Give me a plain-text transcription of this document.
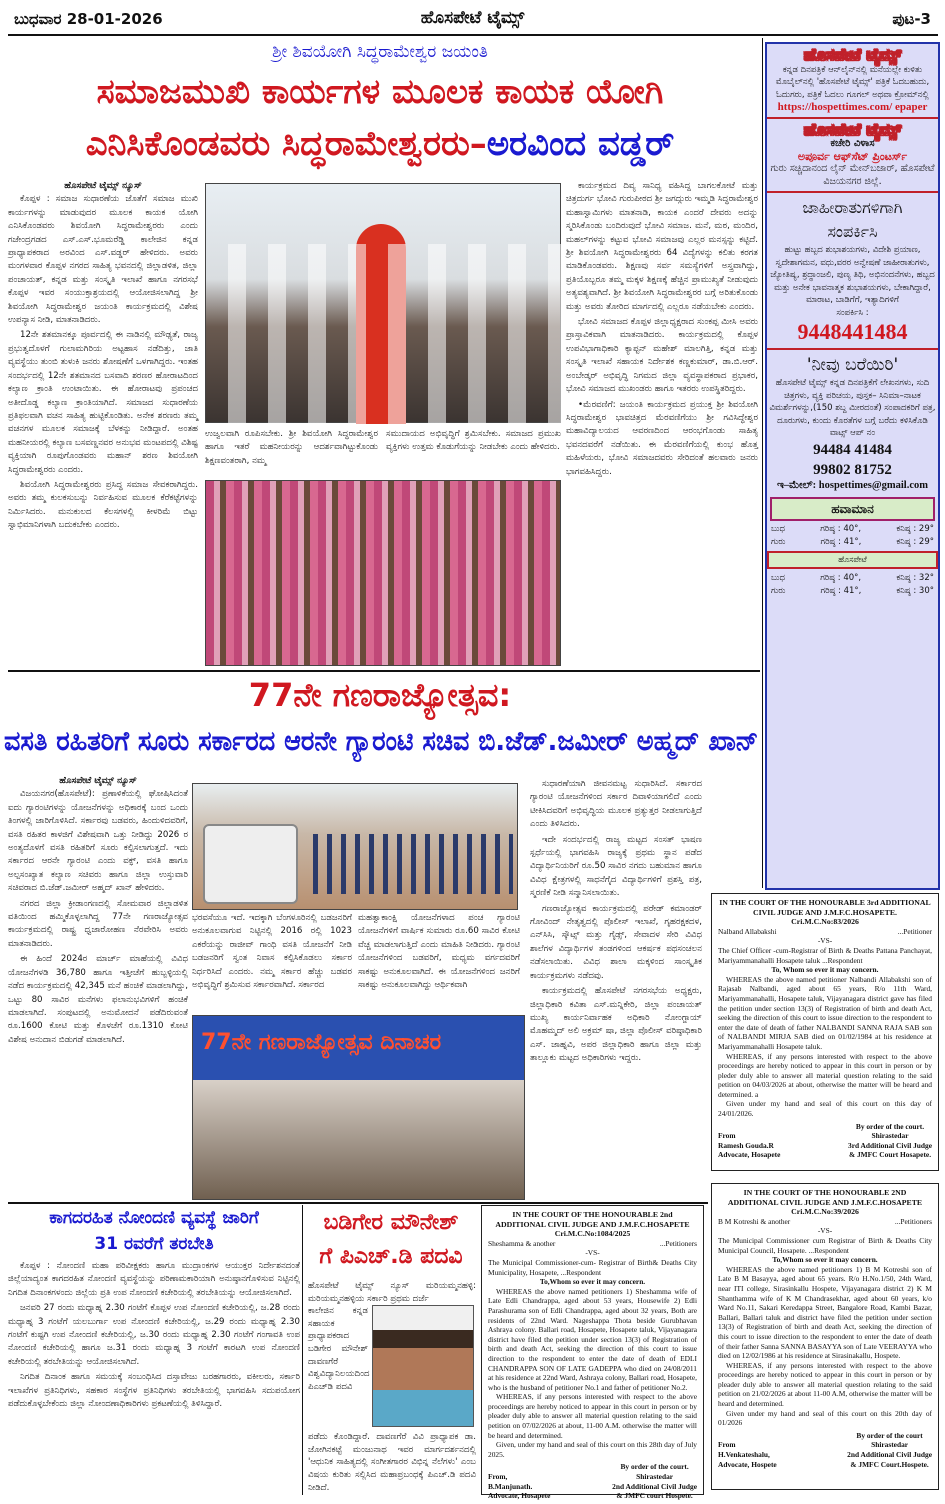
ಬುಧವಾರ 28-01-2026	ಹೊಸಪೇಟೆ ಟೈಮ್ಸ್	ಪುಟ-3
ಶ್ರೀ ಶಿವಯೋಗಿ ಸಿದ್ಧರಾಮೇಶ್ವರ ಜಯಂತಿ
ಸಮಾಜಮುಖಿ ಕಾರ್ಯಗಳ ಮೂಲಕ ಕಾಯಕ ಯೋಗಿ
ಎನಿಸಿಕೊಂಡವರು ಸಿದ್ಧರಾಮೇಶ್ವರರು–ಅರವಿಂದ ವಡ್ಡರ್
ಹೊಸಪೇಟೆ ಟೈಮ್ಸ್ ನ್ಯೂಸ್

ಕೊಪ್ಪಳ : ಸಮಾಜ ಸುಧಾರಣೆಯ ಜೊತೆಗೆ ಸಮಾಜ ಮುಖಿ ಕಾರ್ಯಗಳನ್ನು ಮಾಡುವುದರ ಮೂಲಕ ಕಾಯಕ ಯೋಗಿ ಎನಿಸಿಕೊಂಡವರು ಶಿವಯೋಗಿ ಸಿದ್ಧರಾಮೇಶ್ವರರು ಎಂದು ಗಜೇಂದ್ರಗಡದ ಎಸ್.ಎಸ್.ಭೂಮರೆಡ್ಡಿ ಕಾಲೇಜಿನ ಕನ್ನಡ ಪ್ರಾಧ್ಯಾಪಕರಾದ ಅರವಿಂದ ಎಸ್.ವಡ್ಡರ್ ಹೇಳಿದರು. ಅವರು ಮಂಗಳವಾರ ಕೊಪ್ಪಳ ನಗರದ ಸಾಹಿತ್ಯ ಭವನದಲ್ಲಿ ಜಿಲ್ಲಾಡಳಿತ, ಜಿಲ್ಲಾ ಪಂಚಾಯತ್, ಕನ್ನಡ ಮತ್ತು ಸಂಸ್ಕೃತಿ ಇಲಾಖೆ ಹಾಗೂ ನಗರಸಭೆ ಕೊಪ್ಪಳ ಇವರ ಸಂಯುಕ್ತಾಶ್ರಯದಲ್ಲಿ ಆಯೋಜಿಸಲಾಗಿದ್ದ ಶ್ರೀ ಶಿವಯೋಗಿ ಸಿದ್ಧರಾಮೇಶ್ವರ ಜಯಂತಿ ಕಾರ್ಯಕ್ರಮದಲ್ಲಿ ವಿಶೇಷ ಉಪನ್ಯಾಸ ನೀಡಿ, ಮಾತನಾಡಿದರು.

12ನೇ ಶತಮಾನಕ್ಕೂ ಪೂರ್ವದಲ್ಲಿ ಈ ನಾಡಿನಲ್ಲಿ ಮೌಢ್ಯತೆ, ರಾಜ್ಯ ಪ್ರಭುತ್ವದೊಳಗೆ ಗುಲಾಮಗಿರಿಯ ಅಟ್ಟಹಾಸ ನಡೆದಿತ್ತು, ಜಾತಿ ವ್ಯವಸ್ಥೆಯು ತುಂಬಿ ತುಳುಕಿ ಜನರು ಶೋಷಣೆಗೆ ಒಳಗಾಗಿದ್ದರು. ಇಂತಹ ಸಂದರ್ಭದಲ್ಲಿ 12ನೇ ಶತಮಾನದ ಬಸವಾದಿ ಶರಣರ ಹೋರಾಟದಿಂದ ಕಲ್ಯಾಣ ಕ್ರಾಂತಿ ಉಂಟಾಯಿತು. ಈ ಹೋರಾಟವು ಪ್ರಪಂಚದ ಅತೀದೊಡ್ಡ ಕಲ್ಯಾಣ ಕ್ರಾಂತಿಯಾಗಿದೆ. ಸಮಾಜದ ಸುಧಾರಣೆಯ ಪ್ರತಿಫಲವಾಗಿ ವಚನ ಸಾಹಿತ್ಯ ಹುಟ್ಟಿಕೊಂಡಿತು. ಅನೇಕ ಶರಣರು ತಮ್ಮ ವಚನಗಳ ಮೂಲಕ ಸಮಾಜಕ್ಕೆ ಬೆಳಕನ್ನು ನೀಡಿದ್ದಾರೆ. ಅಂತಹ ಮಹನೀಯರಲ್ಲಿ ಕಲ್ಯಾಣ ಬಸವಣ್ಣನವರ ಅನುಭವ ಮಂಟಪದಲ್ಲಿ ವಿಶಿಷ್ಟ ವ್ಯಕ್ತಿಯಾಗಿ ರೂಪುಗೊಂಡವರು ಮಹಾನ್ ಶರಣ ಶಿವಯೋಗಿ ಸಿದ್ಧರಾಮೇಶ್ವರರು ಎಂದರು.

ಶಿವಯೋಗಿ ಸಿದ್ಧರಾಮೇಶ್ವರರು ಪ್ರಸಿದ್ಧ ಸಮಾಜ ಸೇವಕರಾಗಿದ್ದರು. ಅವರು ತಮ್ಮ ಕುಲಕಸುಬನ್ನು ನಿರ್ವಹಿಸುವ ಮೂಲಕ ಕೆರೆಕಟ್ಟೆಗಳನ್ನು ನಿರ್ಮಿಸಿದರು. ಮನುಕುಲದ ಕೆಲಸಗಳಲ್ಲಿ ಕೀಳರಿಮೆ ಬಿಟ್ಟು ಸ್ವಾಭಿಮಾನಿಗಳಾಗಿ ಬದುಕಬೇಕು ಎಂದರು.

ಉಜ್ವಲವಾಗಿ ರೂಪಿಸಬೇಕು. ಶ್ರೀ ಶಿವಯೋಗಿ ಸಿದ್ಧರಾಮೇಶ್ವರ ಹಾಗೂ ಇತರೆ ಮಹನೀಯರನ್ನು ಆದರ್ಶವಾಗಿಟ್ಟುಕೊಂಡು ಶಿಕ್ಷಣವಂತರಾಗಿ, ನಮ್ಮ
ಸಮುದಾಯದ ಅಭಿವೃದ್ಧಿಗೆ ಶ್ರಮಿಸಬೇಕು. ಸಮಾಜದ ಪ್ರಮುಖ ವ್ಯಕ್ತಿಗಳು ಉತ್ತಮ ಕೊಡುಗೆಯನ್ನು ನೀಡಬೇಕು ಎಂದು ಹೇಳಿದರು.

ಕಾರ್ಯಕ್ರಮದ ದಿವ್ಯ ಸಾನಿಧ್ಯ ವಹಿಸಿದ್ದ ಬಾಗಲಕೋಟೆ ಮತ್ತು ಚಿತ್ರದುರ್ಗ ಭೋವಿ ಗುರುಪೀಠದ ಶ್ರೀ ಜಗದ್ಗುರು ಇಮ್ಮಡಿ ಸಿದ್ಧರಾಮೇಶ್ವರ ಮಹಾಸ್ವಾಮಿಗಳು ಮಾತನಾಡಿ, ಕಾಯಕ ಎಂದರೆ ದೇವರು ಅದನ್ನು ಸ್ಮರಿಸಿಕೊಂಡು ಬಂದಿರುವುದೆ ಭೋವಿ ಸಮಾಜ. ಮನೆ, ಮಠ, ಮಂದಿರ, ಮಹಲ್‌ಗಳನ್ನು ಕಟ್ಟುವ ಭೋವಿ ಸಮಾಜವು ಎಲ್ಲರ ಮನಸ್ಸನ್ನು ಕಟ್ಟಿದೆ. ಶ್ರೀ ಶಿವಯೋಗಿ ಸಿದ್ಧರಾಮೇಶ್ವರರು 64 ವಿದ್ಯೆಗಳನ್ನು ಕಲಿತು ಕರಗತ ಮಾಡಿಕೊಂಡವರು. ಶಿಕ್ಷಣವು ಸರ್ವ ಸಮಸ್ಯೆಗಳಿಗೆ ಅಸ್ತ್ರವಾಗಿದ್ದು, ಪ್ರತಿಯೊಬ್ಬರೂ ತಮ್ಮ ಮಕ್ಕಳ ಶಿಕ್ಷಣಕ್ಕೆ ಹೆಚ್ಚಿನ ಪ್ರಾಮುಖ್ಯತೆ ನೀಡುವುದು ಅತ್ಯವಶ್ಯವಾಗಿದೆ. ಶ್ರೀ ಶಿವಯೋಗಿ ಸಿದ್ಧರಾಮೇಶ್ವರರ ಬಗ್ಗೆ ಅರಿತುಕೊಂಡು ಮತ್ತು ಅವರು ತೋರಿದ ಮಾರ್ಗದಲ್ಲಿ ಎಲ್ಲರೂ ನಡೆಯಬೇಕು ಎಂದರು.

ಭೋವಿ ಸಮಾಜದ ಕೊಪ್ಪಳ ಜಿಲ್ಲಾಧ್ಯಕ್ಷರಾದ ಸುಂಕಪ್ಪ ಮೀಸಿ ಅವರು ಪ್ರಾಸ್ತಾವಿಕವಾಗಿ ಮಾತನಾಡಿದರು. ಕಾರ್ಯಕ್ರಮದಲ್ಲಿ ಕೊಪ್ಪಳ ಉಪವಿಭಾಗಾಧಿಕಾರಿ ಕ್ಯಾಪ್ಟನ್ ಮಹೇಶ್ ಮಾಲಗಿತ್ತಿ, ಕನ್ನಡ ಮತ್ತು ಸಂಸ್ಕೃತಿ ಇಲಾಖೆ ಸಹಾಯಕ ನಿರ್ದೇಶಕ ಕಣ್ಣಕುಮಾರ್, ಡಾ.ಬಿ.ಆರ್. ಅಂಬೇಡ್ಕರ್ ಅಭಿವೃದ್ಧಿ ನಿಗಮದ ಜಿಲ್ಲಾ ವ್ಯವಸ್ಥಾಪಕರಾದ ಪ್ರಭಾಕರ, ಭೋವಿ ಸಮಾಜದ ಮುಖಂಡರು ಹಾಗೂ ಇತರರು ಉಪಸ್ಥಿತರಿದ್ದರು.

•ಮೆರವಣಿಗೆ: ಜಯಂತಿ ಕಾರ್ಯಕ್ರಮದ ಪ್ರಯುಕ್ತ ಶ್ರೀ ಶಿವಯೋಗಿ ಸಿದ್ಧರಾಮೇಶ್ವರ ಭಾವಚಿತ್ರದ ಮೆರವಣಿಗೆಯು ಶ್ರೀ ಗವಿಸಿದ್ಧೇಶ್ವರ ಮಹಾವಿದ್ಯಾಲಯದ ಆವರಣದಿಂದ ಆರಂಭಗೊಂಡು ಸಾಹಿತ್ಯ ಭವನದವರೆಗೆ ನಡೆಯಿತು. ಈ ಮೆರವಣಿಗೆಯಲ್ಲಿ ಕುಂಭ ಹೊತ್ತ ಮಹಿಳೆಯರು, ಭೋವಿ ಸಮಾಜದವರು ಸೇರಿದಂತೆ ಹಲವಾರು ಜನರು ಭಾಗವಹಿಸಿದ್ದರು.

77ನೇ ಗಣರಾಜ್ಯೋತ್ಸವ:
ವಸತಿ ರಹಿತರಿಗೆ ಸೂರು ಸರ್ಕಾರದ ಆರನೇ ಗ್ಯಾರಂಟಿ ಸಚಿವ ಬಿ.ಜೆಡ್.ಜಮೀರ್ ಅಹ್ಮದ್ ಖಾನ್
ಹೊಸಪೇಟೆ ಟೈಮ್ಸ್ ನ್ಯೂಸ್

ವಿಜಯನಗರ(ಹೊಸಪೇಟೆ): ಪ್ರಣಾಳಿಕೆಯಲ್ಲಿ ಘೋಷಿಸಿದಂತೆ ಐದು ಗ್ಯಾರಂಟಿಗಳನ್ನು ಯೋಜನೆಗಳನ್ನು ಅಧಿಕಾರಕ್ಕೆ ಬಂದ ಒಂದು ತಿಂಗಳಲ್ಲಿ ಜಾರಿಗೊಳಿಸಿದೆ. ಸರ್ಕಾರವು ಬಡವರು, ಹಿಂದುಳಿದವರಿಗೆ, ವಸತಿ ರಹಿತರ ಕಾಳಜಿಗೆ ವಿಶೇಷವಾಗಿ ಒತ್ತು ನೀಡಿದ್ದು 2026 ರ ಅಂತ್ಯದೊಳಗೆ ವಸತಿ ರಹಿತರಿಗೆ ಸೂರು ಕಲ್ಪಿಸಲಾಗುತ್ತದೆ. ಇದು ಸರ್ಕಾರದ ಆರನೇ ಗ್ಯಾರಂಟಿ ಎಂದು ವಕ್ಫ್, ವಸತಿ ಹಾಗೂ ಅಲ್ಪಸಂಖ್ಯಾತ ಕಲ್ಯಾಣ ಸಚಿವರು ಹಾಗೂ ಜಿಲ್ಲಾ ಉಸ್ತುವಾರಿ ಸಚಿವರಾದ ಬಿ.ಜೆಡ್.ಜಮೀರ್ ಅಹ್ಮದ್ ಖಾನ್ ಹೇಳಿದರು.

ನಗರದ ಜಿಲ್ಲಾ ಕ್ರೀಡಾಂಗಣದಲ್ಲಿ ಸೋಮವಾರ ಜಿಲ್ಲಾಡಳಿತ ವತಿಯಿಂದ ಹಮ್ಮಿಕೊಳ್ಳಲಾಗಿದ್ದ 77ನೇ ಗಣರಾಜ್ಯೋತ್ಸವ ಕಾರ್ಯಕ್ರಮದಲ್ಲಿ ರಾಷ್ಟ್ರ ಧ್ವಜಾರೋಹಣ ನೆರವೇರಿಸಿ ಅವರು ಮಾತನಾಡಿದರು.

ಈ ಹಿಂದೆ 2024ರ ಮಾರ್ಚ್ ಮಾಹೆಯಲ್ಲಿ ವಿವಿಧ ಯೋಜನೆಗಳಡಿ 36,780 ಹಾಗೂ ಇತ್ತೀಚೆಗೆ ಹುಬ್ಬಳ್ಳಿಯಲ್ಲಿ ನಡೆದ ಕಾರ್ಯಕ್ರಮದಲ್ಲಿ 42,345 ಮನೆ ಹಂಚಿಕೆ ಮಾಡಲಾಗಿದ್ದು, ಒಟ್ಟು 80 ಸಾವಿರ ಮನೆಗಳು ಫಲಾನುಭವಿಗಳಿಗೆ ಹಂಚಿಕೆ ಮಾಡಲಾಗಿದೆ. ಸಂಪುಟದಲ್ಲಿ ಅನುಮೋದನೆ ಪಡೆದಿರುವಂತೆ ರೂ.1600 ಕೋಟಿ ಮತ್ತು ಕೊಳಚೆಗೆ ರೂ.1310 ಕೋಟಿ ವಿಶೇಷ ಅನುದಾನ ಬಿಡುಗಡೆ ಮಾಡಲಾಗಿದೆ.

ಭರವಸೆಯೂ ಇದೆ. ಇದಕ್ಕಾಗಿ ಬೆಂಗಳೂರಿನಲ್ಲಿ ಬಡಜನರಿಗೆ ಅನುಕೂಲವಾಗುವ ನಿಟ್ಟಿನಲ್ಲಿ 2016 ರಲ್ಲಿ 1023 ಎಕರೆಯನ್ನು ರಾಜೀವ್ ಗಾಂಧಿ ವಸತಿ ಯೋಜನೆಗೆ ನೀಡಿ ಬಡಜನರಿಗೆ ಸ್ವಂತ ನಿವಾಸ ಕಲ್ಪಿಸಿಕೊಡಲು ಸರ್ಕಾರ ನಿರ್ಧರಿಸಿದೆ ಎಂದರು. ನಮ್ಮ ಸರ್ಕಾರ ಹೆಚ್ಚು ಬಡವರ ಅಭಿವೃದ್ಧಿಗೆ ಶ್ರಮಿಸುವ ಸರ್ಕಾರವಾಗಿದೆ. ಸರ್ಕಾರದ
ಮಹತ್ವಾಕಾಂಕ್ಷಿ ಯೋಜನೆಗಳಾದ ಪಂಚ ಗ್ಯಾರಂಟಿ ಯೋಜನೆಗಳಿಗೆ ವಾರ್ಷಿಕ ಸುಮಾರು ರೂ.60 ಸಾವಿರ ಕೋಟಿ ವೆಚ್ಚ ಮಾಡಲಾಗುತ್ತಿದೆ ಎಂದು ಮಾಹಿತಿ ನೀಡಿದರು. ಗ್ಯಾರಂಟಿ ಯೋಜನೆಗಳಿಂದ ಬಡವರಿಗೆ, ಮಧ್ಯಮ ವರ್ಗದವರಿಗೆ ಸಾಕಷ್ಟು ಅನುಕೂಲವಾಗಿದೆ. ಈ ಯೋಜನೆಗಳಿಂದ ಜನರಿಗೆ ಸಾಕಷ್ಟು ಅನುಕೂಲವಾಗಿದ್ದು ಆರ್ಥಿಕವಾಗಿ
77ನೇ ಗಣರಾಜ್ಯೋತ್ಸವ ದಿನಾಚರ

ಸುಧಾರಣೆಯಾಗಿ ಜೀವನಮಟ್ಟ ಸುಧಾರಿಸಿದೆ. ಸರ್ಕಾರದ ಗ್ಯಾರಂಟಿ ಯೋಜನೆಗಳಿಂದ ಸರ್ಕಾರ ದಿವಾಳಿಯಾಗಲಿದೆ ಎಂದು ಟೀಕಿಸಿದವರಿಗೆ ಅಭಿವೃದ್ಧಿಯ ಮೂಲಕ ಪ್ರತ್ಯುತ್ತರ ನೀಡಲಾಗುತ್ತಿದೆ ಎಂದು ತಿಳಿಸಿದರು.

ಇದೇ ಸಂದರ್ಭದಲ್ಲಿ ರಾಜ್ಯ ಮಟ್ಟದ ಸಂಸತ್ ಭಾಷಣ ಸ್ಪರ್ಧೆಯಲ್ಲಿ ಭಾಗವಹಿಸಿ ರಾಜ್ಯಕ್ಕೆ ಪ್ರಥಮ ಸ್ಥಾನ ಪಡೆದ ವಿದ್ಯಾರ್ಥಿನಿಯರಿಗೆ ರೂ.50 ಸಾವಿರ ನಗದು ಬಹುಮಾನ ಹಾಗೂ ವಿವಿಧ ಕ್ಷೇತ್ರಗಳಲ್ಲಿ ಸಾಧನೆಗೈದ ವಿದ್ಯಾರ್ಥಿಗಳಿಗೆ ಪ್ರಶಸ್ತಿ ಪತ್ರ, ಸ್ಮರಣಿಕೆ ನೀಡಿ ಸನ್ಮಾನಿಸಲಾಯಿತು.

ಗಣರಾಜ್ಯೋತ್ಸವ ಕಾರ್ಯಕ್ರಮದಲ್ಲಿ ಪರೇಡ್ ಕಮಾಂಡರ್ ಗೋವಿಂದ್ ನೇತೃತ್ವದಲ್ಲಿ ಪೊಲೀಸ್ ಇಲಾಖೆ, ಗೃಹರಕ್ಷಕದಳ, ಎನ್‌ಸಿಸಿ, ಸ್ಕೌಟ್ಸ್ ಮತ್ತು ಗೈಡ್ಸ್, ಸೇವಾದಳ ಸೇರಿ ವಿವಿಧ ಶಾಲೆಗಳ ವಿದ್ಯಾರ್ಥಿಗಳ ತಂಡಗಳಿಂದ ಆಕರ್ಷಕ ಪಥಸಂಚಲನ ನಡೆಸಲಾಯಿತು. ವಿವಿಧ ಶಾಲಾ ಮಕ್ಕಳಿಂದ ಸಾಂಸ್ಕೃತಿಕ ಕಾರ್ಯಕ್ರಮಗಳು ನಡೆದವು.

ಕಾರ್ಯಕ್ರಮದಲ್ಲಿ ಹೊಸಪೇಟೆ ನಗರಸಭೆಯ ಅಧ್ಯಕ್ಷರು, ಜಿಲ್ಲಾಧಿಕಾರಿ ಕವಿತಾ ಎಸ್.ಮನ್ನಿಕೇರಿ, ಜಿಲ್ಲಾ ಪಂಚಾಯತ್ ಮುಖ್ಯ ಕಾರ್ಯನಿರ್ವಾಹಕ ಅಧಿಕಾರಿ ನೋಂಗ್ಜಾಯ್ ಮೊಹಮ್ಮದ್ ಅಲಿ ಅಕ್ರಮ್ ಷಾ, ಜಿಲ್ಲಾ ಪೊಲೀಸ್ ವರಿಷ್ಠಾಧಿಕಾರಿ ಎಸ್. ಜಾಹ್ನವಿ, ಅಪರ ಜಿಲ್ಲಾಧಿಕಾರಿ ಹಾಗೂ ಜಿಲ್ಲಾ ಮತ್ತು ತಾಲ್ಲೂಕು ಮಟ್ಟದ ಅಧಿಕಾರಿಗಳು ಇದ್ದರು.

ಕಾಗದರಹಿತ ನೋಂದಣಿ ವ್ಯವಸ್ಥೆ ಜಾರಿಗೆ
31 ರವರೆಗೆ ತರಬೇತಿ

ಕೊಪ್ಪಳ : ನೋಂದಣಿ ಮಹಾ ಪರಿವೀಕ್ಷಕರು ಹಾಗೂ ಮುದ್ರಾಂಕಗಳ ಆಯುಕ್ತರ ನಿರ್ದೇಶನದಂತೆ ಜಿಲ್ಲೆಯಾದ್ಯಂತ ಕಾಗದರಹಿತ ನೋಂದಣಿ ವ್ಯವಸ್ಥೆಯನ್ನು ಪರಿಣಾಮಕಾರಿಯಾಗಿ ಅನುಷ್ಠಾನಗೊಳಿಸುವ ನಿಟ್ಟಿನಲ್ಲಿ ನಿಗದಿತ ದಿನಾಂಕಗಳಂದು ಜಿಲ್ಲೆಯ ಪ್ರತಿ ಉಪ ನೋಂದಣಿ ಕಚೇರಿಯಲ್ಲಿ ತರಬೇತಿಯನ್ನು ಆಯೋಜಿಸಲಾಗಿದೆ.

ಜನವರಿ 27 ರಂದು ಮಧ್ಯಾಹ್ನ 2.30 ಗಂಟೆಗೆ ಕೊಪ್ಪಳ ಉಪ ನೋಂದಣಿ ಕಚೇರಿಯಲ್ಲಿ, ಜ.28 ರಂದು ಮಧ್ಯಾಹ್ನ 3 ಗಂಟೆಗೆ ಯಲಬುರ್ಗಾ ಉಪ ನೋಂದಣಿ ಕಚೇರಿಯಲ್ಲಿ, ಜ.29 ರಂದು ಮಧ್ಯಾಹ್ನ 2.30 ಗಂಟೆಗೆ ಕುಷ್ಟಗಿ ಉಪ ನೋಂದಣಿ ಕಚೇರಿಯಲ್ಲಿ, ಜ.30 ರಂದು ಮಧ್ಯಾಹ್ನ 2.30 ಗಂಟೆಗೆ ಗಂಗಾವತಿ ಉಪ ನೋಂದಣಿ ಕಚೇರಿಯಲ್ಲಿ ಹಾಗೂ ಜ.31 ರಂದು ಮಧ್ಯಾಹ್ನ 3 ಗಂಟೆಗೆ ಕಾರಟಗಿ ಉಪ ನೋಂದಣಿ ಕಚೇರಿಯಲ್ಲಿ ತರಬೇತಿಯನ್ನು ಆಯೋಜಿಸಲಾಗಿದೆ.

ನಿಗದಿತ ದಿನಾಂಕ ಹಾಗೂ ಸಮಯಕ್ಕೆ ಸಂಬಂಧಿಸಿದ ದಸ್ತಾವೇಜು ಬರಹಗಾರರು, ವಕೀಲರು, ಸರ್ಕಾರಿ ಇಲಾಖೆಗಳ ಪ್ರತಿನಿಧಿಗಳು, ಸಹಕಾರ ಸಂಸ್ಥೆಗಳ ಪ್ರತಿನಿಧಿಗಳು ತರಬೇತಿಯಲ್ಲಿ ಭಾಗವಹಿಸಿ ಸದುಪಯೋಗ ಪಡೆದುಕೊಳ್ಳಬೇಕೆಂದು ಜಿಲ್ಲಾ ನೋಂದಣಾಧಿಕಾರಿಗಳು ಪ್ರಕಟಣೆಯಲ್ಲಿ ತಿಳಿಸಿದ್ದಾರೆ.

ಬಡಿಗೇರ ಮೌನೇಶ್
ಗೆ ಪಿಎಚ್.ಡಿ ಪದವಿ
ಹೊಸಪೇಟೆ ಟೈಮ್ಸ್ ನ್ಯೂಸ್ ಮರಿಯಮ್ಮನಹಳ್ಳಿ: ಮರಿಯಮ್ಮನಹಳ್ಳಿಯ ಸರ್ಕಾರಿ ಪ್ರಥಮ ದರ್ಜೆ
ಕಾಲೇಜಿನ ಕನ್ನಡ ಸಹಾಯಕ ಪ್ರಾಧ್ಯಾಪಕರಾದ ಬಡಿಗೇರ ಮೌನೇಶ್ ದಾವಣಗೆರೆ ವಿಶ್ವವಿದ್ಯಾನಿಲಯದಿಂದ ಪಿಎಚ್‌ಡಿ ಪದವಿ
ಪಡೆದು ಕೊಂಡಿದ್ದಾರೆ. ದಾವಣಗೆರೆ ವಿವಿ ಪ್ರಾಧ್ಯಾಪಕ ಡಾ. ಜೋಗಿನಕಟ್ಟೆ ಮಂಜುನಾಥ ಇವರ ಮಾರ್ಗದರ್ಶನದಲ್ಲಿ 'ಆಧುನಿಕ ಸಾಹಿತ್ಯದಲ್ಲಿ ಸಂಗೀತಗಾರರ ವಿಭಿನ್ನ ನೆಲೆಗಳು' ಎಂಬ ವಿಷಯ ಕುರಿತು ಸಲ್ಲಿಸಿದ ಮಹಾಪ್ರಬಂಧಕ್ಕೆ ಪಿಎಚ್.ಡಿ ಪದವಿ ನೀಡಿದೆ.
ಹೊಸಪೇಟೆ ಟೈಮ್ಸ್
ಕನ್ನಡ ದಿನಪತ್ರಿಕೆ ಆನ್‌ಲೈನ್‌ನಲ್ಲಿ ಮನೆಯಲ್ಲೇ ಕುಳಿತು ಮೊಬೈಲ್‌ನಲ್ಲಿ 'ಹೊಸಪೇಟೆ ಟೈಮ್ಸ್' ಪತ್ರಿಕೆ ಓದಬಹುದು, ಓದುಗರು, ಪತ್ರಿಕೆ ಓದಲು ಗೂಗಲ್ ಅಥವಾ ಕ್ರೋಮ್‌ನಲ್ಲಿ
https://hospettimes.com/ epaper
ಹೊಸಪೇಟೆ ಟೈಮ್ಸ್
ಕಚೇರಿ ವಿಳಾಸ
ಅಪೂರ್ವ ಆಫ್‌ಸೆಟ್ ಪ್ರಿಂಟರ್ಸ್
ಗುರು ಸಚ್ಚಿದಾನಂದ ಲೈನ್ ಮೇನ್‌ಬಜಾರ್, ಹೊಸಪೇಟೆ ವಿಜಯನಗರ ಜಿಲ್ಲೆ.
ಜಾಹೀರಾತುಗಳಿಗಾಗಿ
ಸಂಪರ್ಕಿಸಿ
ಹುಟ್ಟು ಹಬ್ಬದ ಶುಭಾಶಯಗಳು, ವಿದೇಶಿ ಪ್ರಯಾಣ, ಸ್ವದೇಶಾಗಮನ, ವಧು,ವರರ ಅನ್ವೇಷಣೆ ಜಾಹೀರಾತುಗಳು, ಜ್ಯೋತಿಷ್ಯ, ಶ್ರದ್ಧಾಂಜಲಿ, ಪುಣ್ಯ ತಿಥಿ, ಅಭಿನಂದನೆಗಳು, ಹಬ್ಬದ ಮತ್ತು ಅನೇಕ ಭಾವನಾತ್ಮಕ ಶುಭಾಶಯಗಳು, ಬೇಕಾಗಿದ್ದಾರೆ, ಮಾರಾಟ, ಬಾಡಿಗೆಗೆ, ಇತ್ಯಾದಿಗಳಿಗೆ
ಸಂಪರ್ಕಿಸಿ :
9448441484
'ನೀವು ಬರೆಯಿರಿ'
ಹೊಸಪೇಟೆ ಟೈಮ್ಸ್ ಕನ್ನಡ ದಿನಪತ್ರಿಕೆಗೆ ಲೇಖನಗಳು, ಸುದಿ ಚಿತ್ರಗಳು, ವ್ಯಕ್ತಿ ಪರಿಚಯ, ಪುಸ್ತಕ– ಸಿನಿಮಾ–ನಾಟಕ ವಿಮರ್ಶೆಗಳನ್ನು,(150 ಶಬ್ದ ಮೀರದಂತೆ) ಸಂಪಾದಕರಿಗೆ ಪತ್ರ, ದೂರುಗಳು, ಕುಂದು ಕೊರತೆಗಳ ಬಗ್ಗೆ ಬರೆದು ಕಳಿಸಿಕೊಡಿ
ವಾಟ್ಸ್ ಆಪ್ ನಂ
94484 41484
99802 81752
ಇ–ಮೇಲ್: hospettimes@gmail.com
ಹವಾಮಾನ
ಬುಧ	ಗರಿಷ್ಠ : 40°,	ಕನಿಷ್ಠ : 29°
ಗುರು	ಗರಿಷ್ಠ : 41°,	ಕನಿಷ್ಠ : 29°
ಹೊಸಪೇಟೆ
ಬುಧ	ಗರಿಷ್ಠ : 40°,	ಕನಿಷ್ಠ : 32°
ಗುರು	ಗರಿಷ್ಠ : 41°,	ಕನಿಷ್ಠ : 30°
IN THE COURT OF THE HONOURABLE 3rd ADDITIONAL CIVIL JUDGE AND J.M.F.C.HOSAPETE.
Cri.M.C.No:83/2026
Nalband Allabakshi	...Petitioner
-VS-
The Chief Officer -cum-Registrar of Birth & Deaths Pattana Panchayat, Mariyammanahalli Hosapete taluk ...Respondent
To, Whom so ever it may concern.

WHEREAS the above named petitioner Nalbandi Allabakshi son of Rajasab Nalbandi, aged about 65 years, R/o 11th Ward, Mariyammanahalli, Hosapete taluk, Vijayanagara district gave has filed the petition under section 13(3) of Registration of birth and death Act, seeking the direction of this court to issue direction to the respondent to enter the date of death of father NALBANDI SANNA RAJA SAB son of NALBANDI MIRJA SAB died on 01/02/1984 at his residence at Mariyammanahalli Hosapete taluk.

WHEREAS, if any persons interested with respect to the above proceedings are hereby noticed to appear in this court in person or by pleder duly able to answer all material question relating to the said petition on 04/03/2026 at about, otherwise the matter will be heard and determined. a

Given under my hand and seal of this court on this day of 24/01/2026.

From
Ramesh Gouda.R
Advocate, Hosapete
By order of the court.
Shirastedar
3rd Additional Civil Judge
& JMFC Court Hosapete.
IN THE COURT OF THE HONOURABLE 2ND ADDITIONAL CIVIL JUDGE AND J.M.F.C.HOSAPETE
Cri.M.C.No:39/2026
B M Kotreshi & another	...Petitioners
-VS-
The Municipal Commissioner cum Registrar of Birth & Deaths City Municipal Council, Hosapete. ...Respondent
To,Whom so ever it may concern.

WHEREAS the above named petitioners 1) B M Kotreshi son of Late B M Basayya, aged about 65 years. R/o H.No.1/50, 24th Ward, near ITI college, Sirasinkallu Hospete, Vijayanagara district 2) K M Shanthamma wife of K M Chandrasekhar, aged about 60 years, k/o Ward No.11, Sakari Keredappa Street, Bangalore Road, Kambi Bazar, Ballari, Ballari taluk and district have filed the petition under section 13(3) of Registration of birth and death Act, seeking the direction of this court to issue direction to the respondent to enter the date of death of their father Sanna SANNA BASAYYA son of Late VEERAYYA who died on 12/02/1986 at his residence at Sirasinakallu, Hospete.

WHEREAS, if any persons interested with respect to the above proceedings are hereby noticed to appear in this court in person or by pleader duly able to answer all material question relating to the said petition on 21/02/2026 at about 11-00 A.M, otherwise the matter will be heard and determined.

Given under my hand and seal of this court on this 20th day of 01/2026

From
H.Venkateshalu,
Advocate, Hospete
By order of the court
Shirastedar
2nd Additional Civil Judge
& JMFC Court.Hospete.
IN THE COURT OF THE HONOURABLE 2nd ADDITIONAL CIVIL JUDGE AND J.M.F.C.HOSAPETE
Cri.M.C.No:1084/2025
Sheshamma & another	...Petitioners
-VS-
The Municipal Commissioner-cum- Registrar of Birth& Deaths City Municipality, Hosapete, ...Respondent
To,Whom so ever it may concern.

WHEREAS the above named petitioners 1) Sheshamma wife of Late Edli Chandrappa, aged about 53 years, Housewife 2) Edli Parashurama son of Edli Chandrappa, aged about 32 years, Both are residents of 22nd Ward. Nageshappa Thota beside Gurubhavan Ashraya colony. Ballari road, Hosapete, Hosapete taluk, Vijayanagara district have filed the petition under section 13(3) of Registration of birth and death Act, seeking the direction of this court to issue direction to the respondent to enter the date of death of EDLI CHANDRAPPA SON OF LATE GADEPPA who died on 24/08/2011 at his residence at 22nd Ward, Ashraya colony, Ballari road, Hosapete, who is the husband of petitioner No.1 and father of petitioner No.2.

WHEREAS, if any persons interested with respect to the above proceedings are hereby noticed to appear in this court in person or by pleader duly able to answer all material question relating to the said petition on 07/02/2026 at about, 11-00 A.M. otherwise the matter will be heard and determined.

Given, under my hand and seal of this court on this 28th day of July 2025.

From,
B.Manjunath.
Advocate, Hosapete
By order of the court.
Shirastedar
2nd Additional Civil Judge
& JMFC court Hospete.
